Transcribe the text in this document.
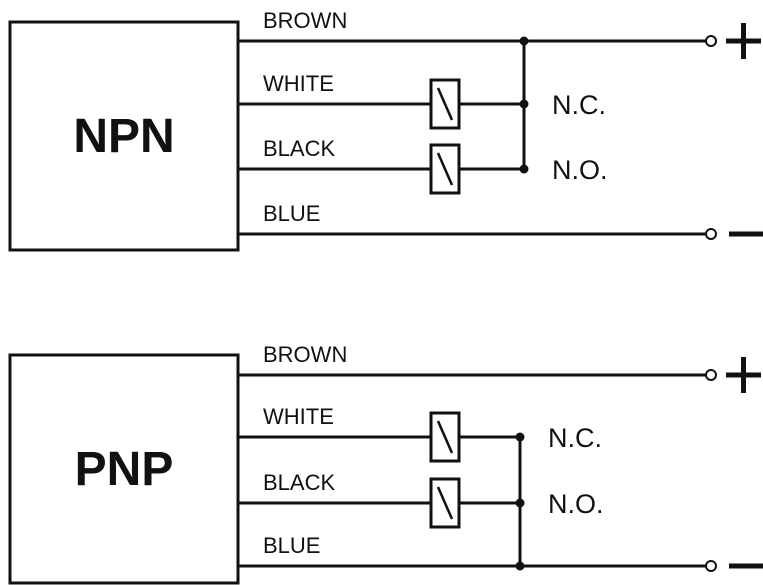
NPN
BROWN
WHITE
BLACK
BLUE
N.C.
N.O.
PNP
BROWN
WHITE
BLACK
BLUE
N.C.
N.O.
